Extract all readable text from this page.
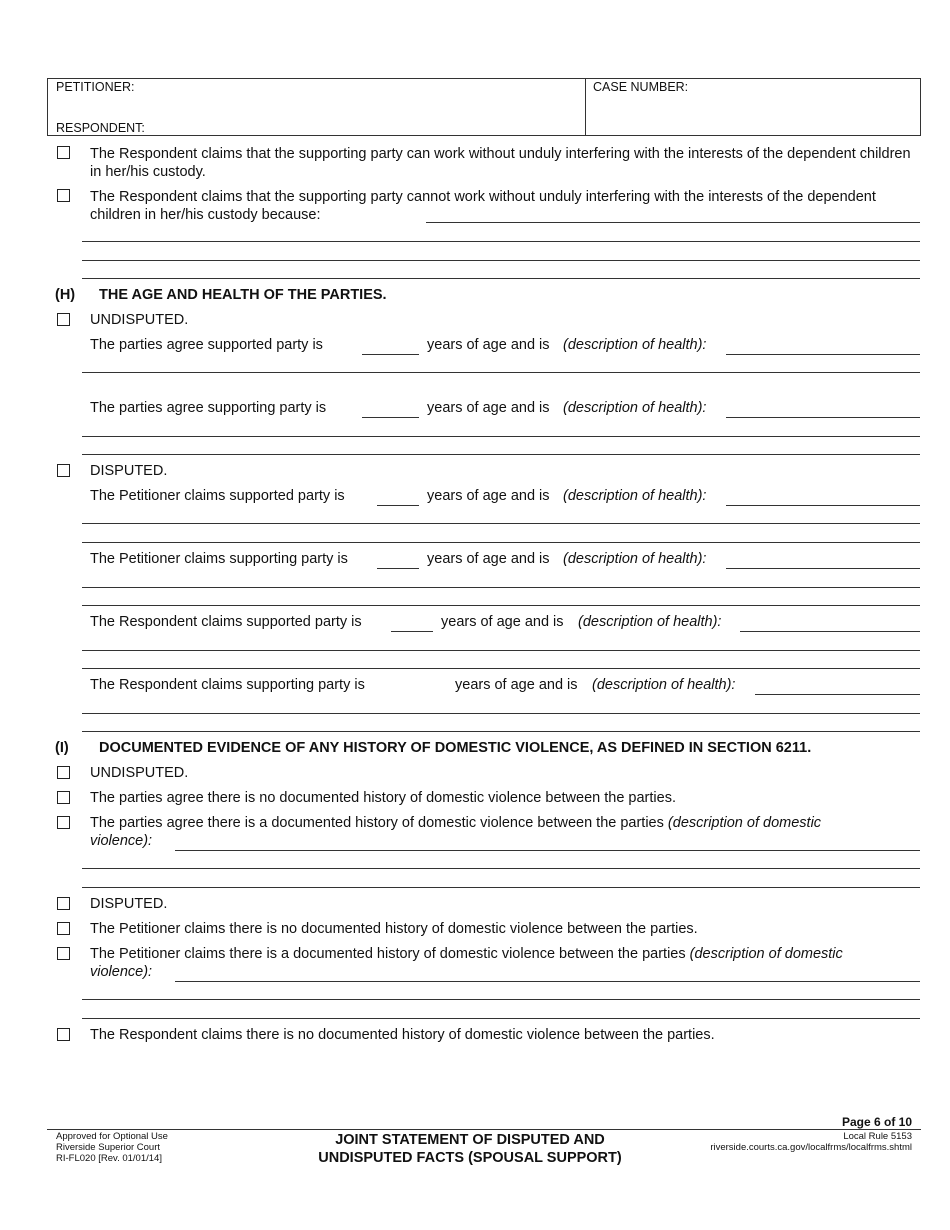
PETITIONER:
RESPONDENT:
CASE NUMBER:
The Respondent claims that the supporting party can work without unduly interfering with the interests of the dependent children in her/his custody.
The Respondent claims that the supporting party cannot work without unduly interfering with the interests of the dependent children in her/his custody because:
(H) THE AGE AND HEALTH OF THE PARTIES.
UNDISPUTED.
The parties agree supported party is	years of age and is (description of health):
The parties agree supporting party is	years of age and is (description of health):
DISPUTED.
The Petitioner claims supported party is	years of age and is (description of health):
The Petitioner claims supporting party is	years of age and is (description of health):
The Respondent claims supported party is	years of age and is (description of health):
The Respondent claims supporting party is	years of age and is (description of health):
(I) DOCUMENTED EVIDENCE OF ANY HISTORY OF DOMESTIC VIOLENCE, AS DEFINED IN SECTION 6211.
UNDISPUTED.
The parties agree there is no documented history of domestic violence between the parties.
The parties agree there is a documented history of domestic violence between the parties (description of domestic
violence):
DISPUTED.
The Petitioner claims there is no documented history of domestic violence between the parties.
The Petitioner claims there is a documented history of domestic violence between the parties (description of domestic
violence):
The Respondent claims there is no documented history of domestic violence between the parties.
Approved for Optional Use
Riverside Superior Court
RI-FL020 [Rev. 01/01/14]
JOINT STATEMENT OF DISPUTED AND
UNDISPUTED FACTS (SPOUSAL SUPPORT)
Page 6 of 10
Local Rule 5153
riverside.courts.ca.gov/localfrms/localfrms.shtml
